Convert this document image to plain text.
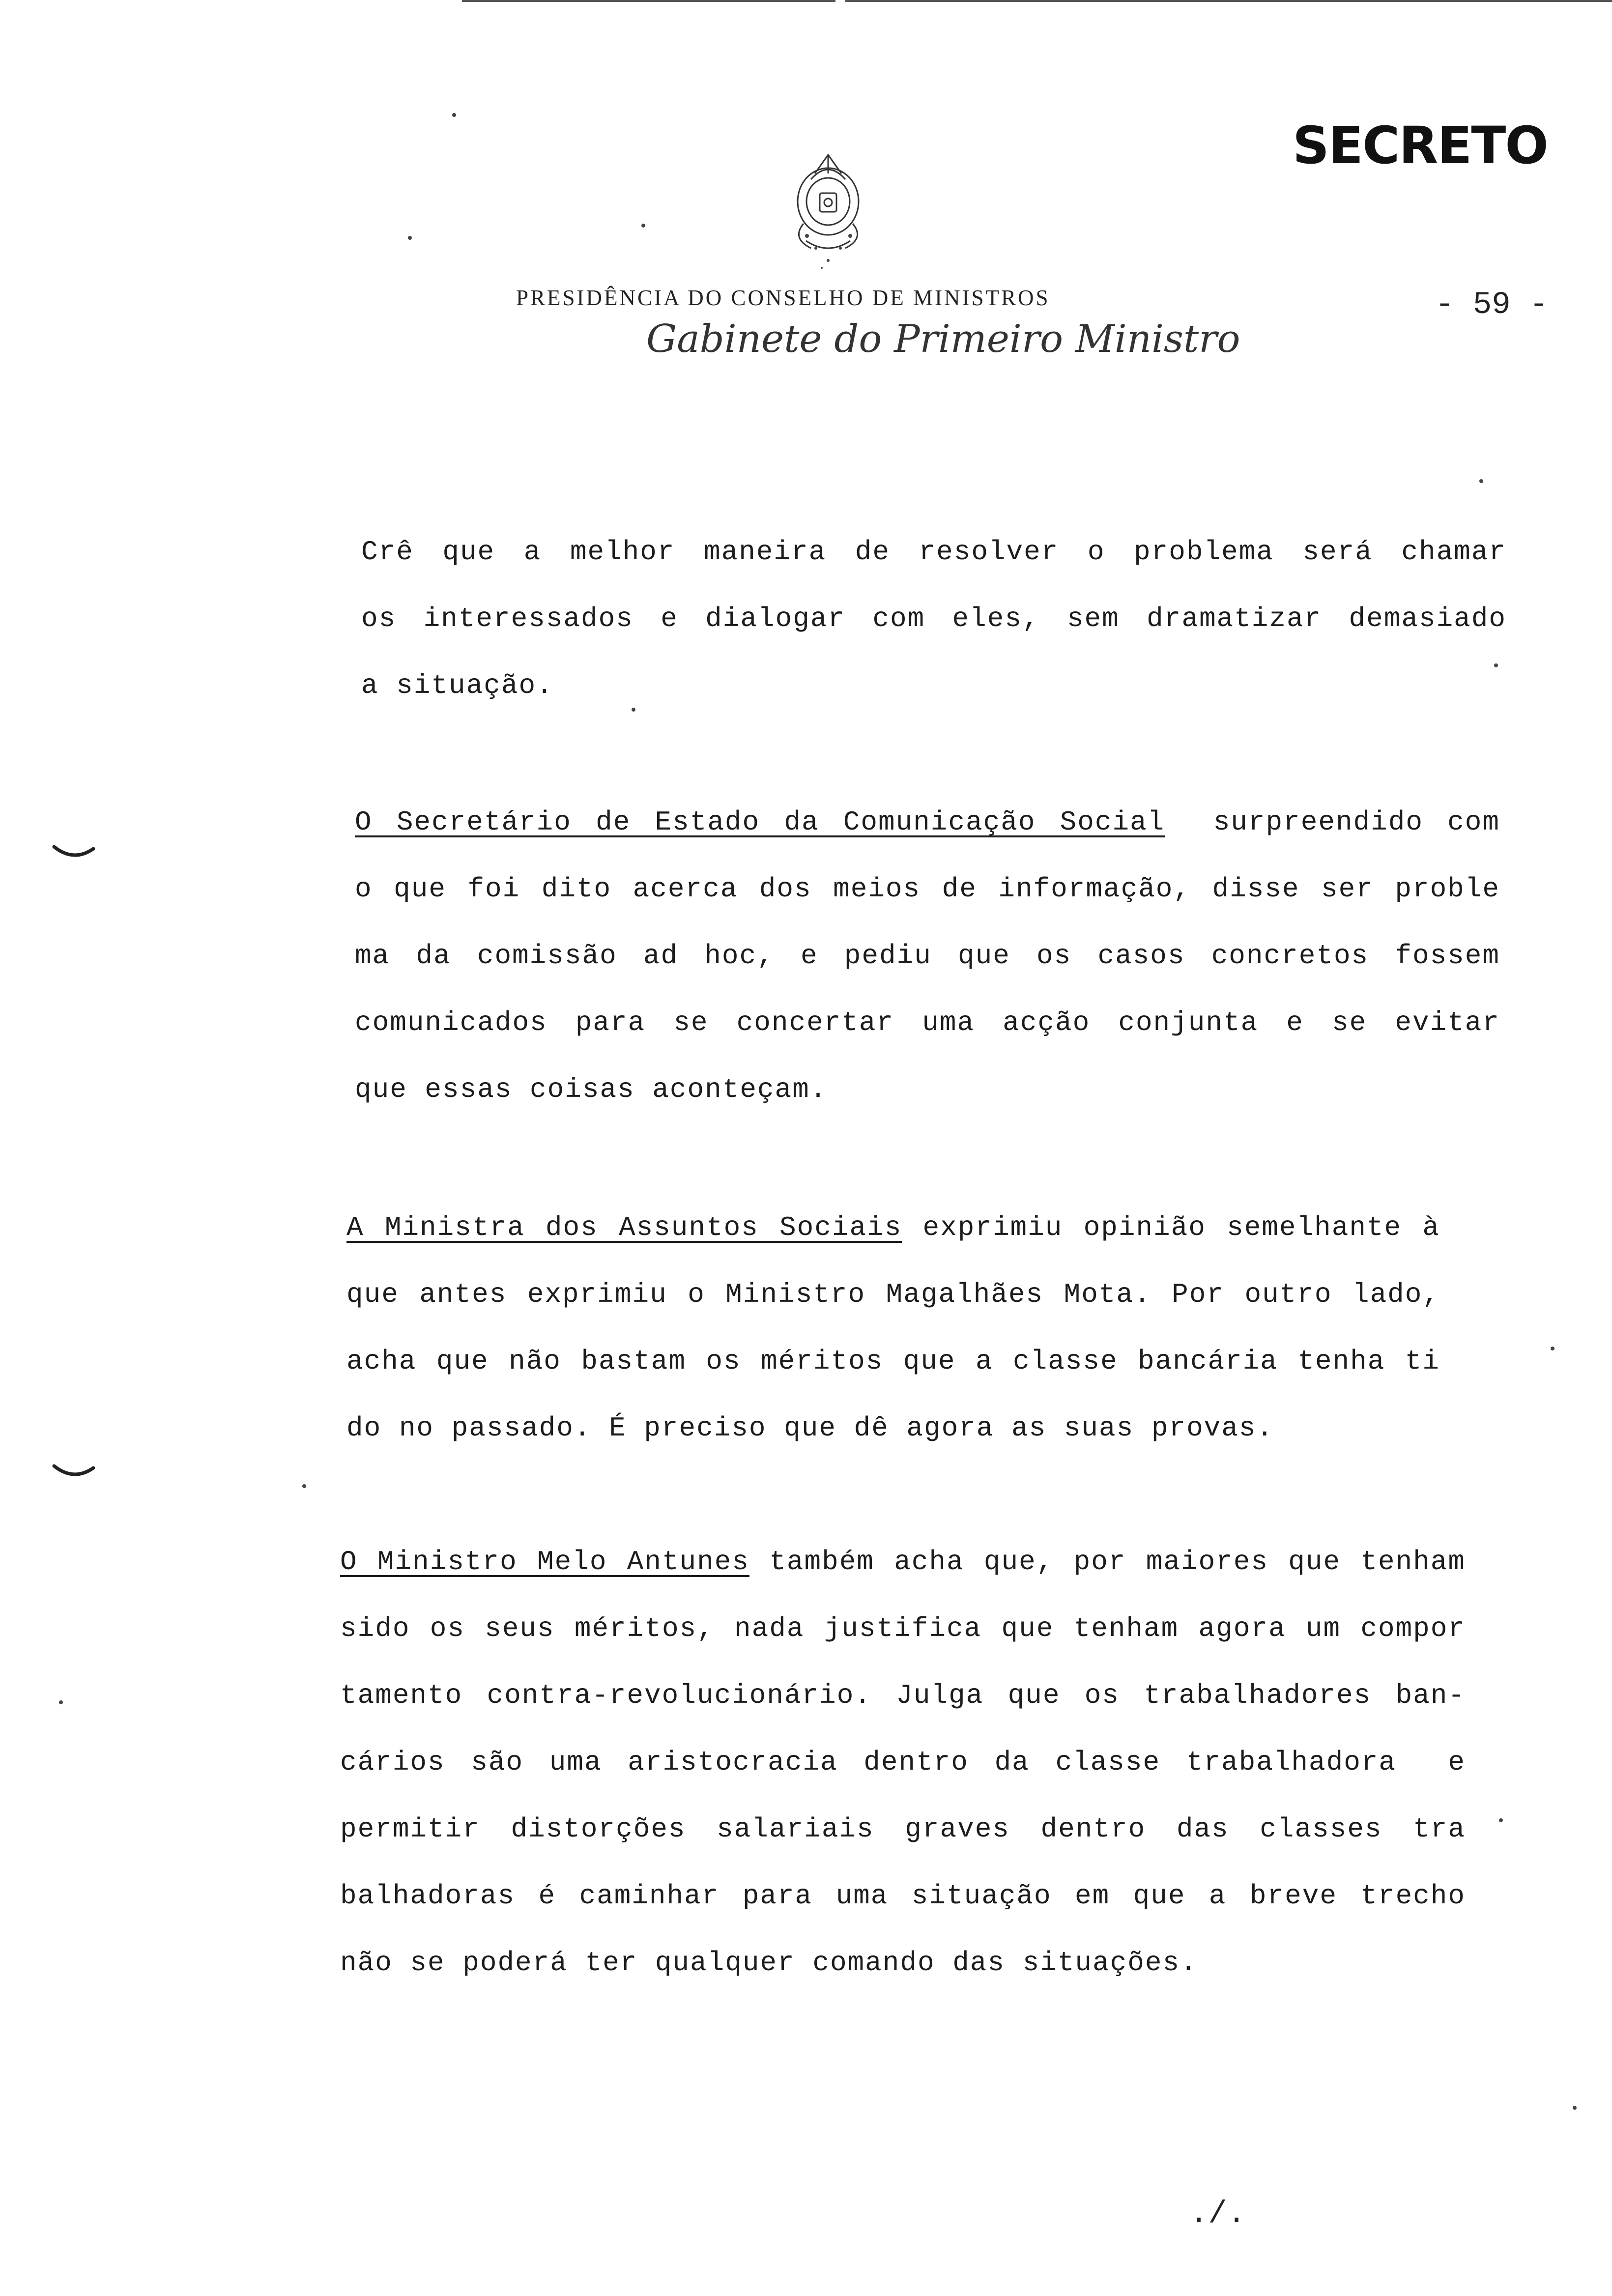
SECRETO
- 59 -
PRESIDÊNCIA DO CONSELHO DE MINISTROS
Gabinete do Primeiro Ministro
Crê que a melhor maneira de resolver o problema será chamar
os interessados e dialogar com eles, sem dramatizar demasiado
a situação.
O Secretário de Estado da Comunicação Social  surpreendido com
o que foi dito acerca dos meios de informação, disse ser proble
ma da comissão ad hoc, e pediu que os casos concretos fossem
comunicados para se concertar uma acção conjunta e se evitar
que essas coisas aconteçam.
A Ministra dos Assuntos Sociais exprimiu opinião semelhante à
que antes exprimiu o Ministro Magalhães Mota. Por outro lado,
acha que não bastam os méritos que a classe bancária tenha ti
do no passado. É preciso que dê agora as suas provas.
O Ministro Melo Antunes também acha que, por maiores que tenham
sido os seus méritos, nada justifica que tenham agora um compor
tamento contra-revolucionário. Julga que os trabalhadores ban-
cários são uma aristocracia dentro da classe trabalhadora  e
permitir distorções salariais graves dentro das classes tra
balhadoras é caminhar para uma situação em que a breve trecho
não se poderá ter qualquer comando das situações.
./.
